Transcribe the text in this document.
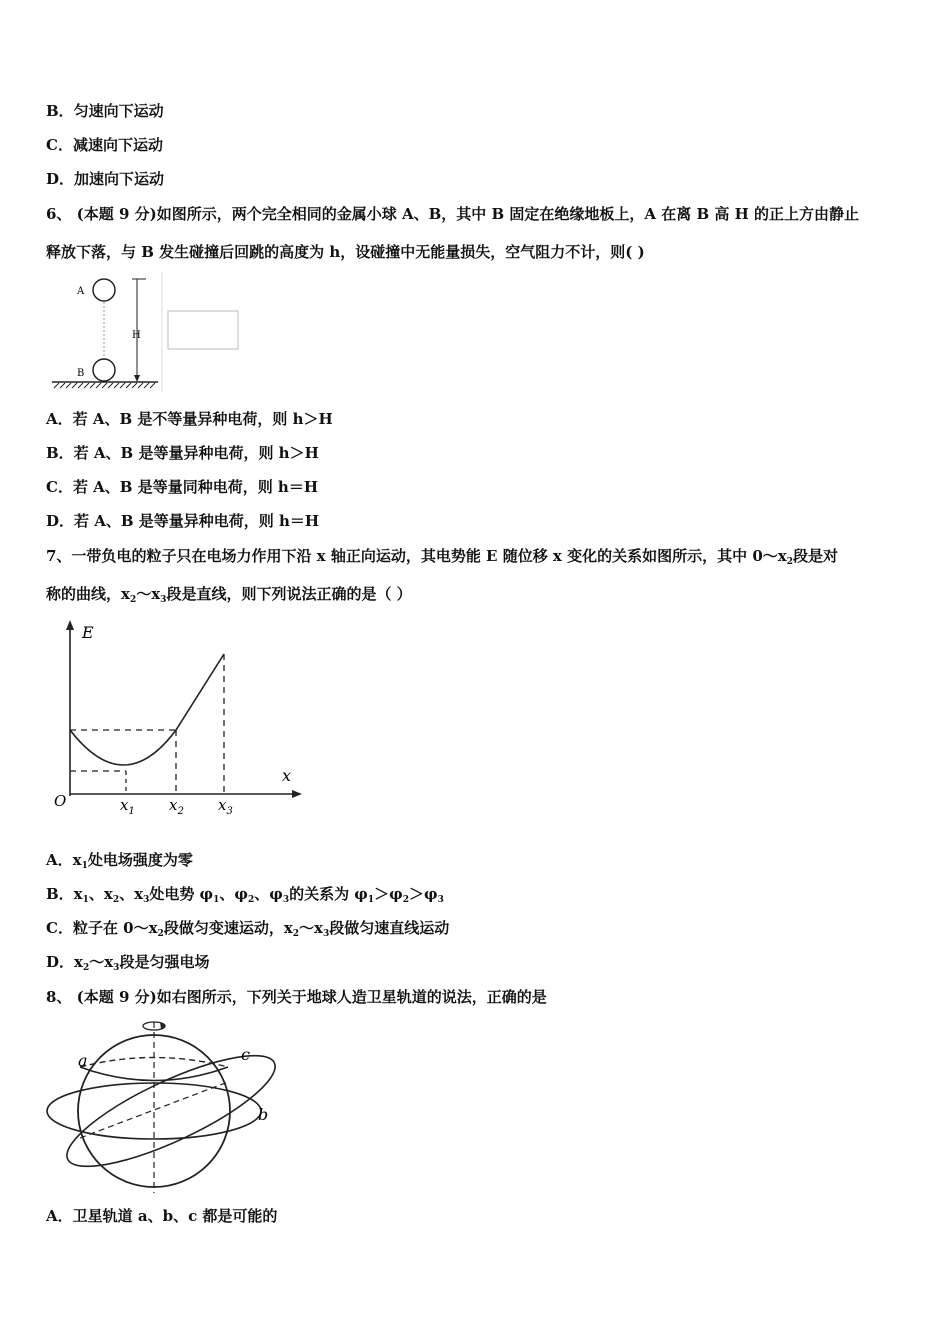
B．匀速向下运动
C．减速向下运动
D．加速向下运动
6、 (本题 9 分)如图所示，两个完全相同的金属小球 A、B，其中 B 固定在绝缘地板上，A 在离 B 高 H 的正上方由静止
释放下落，与 B 发生碰撞后回跳的高度为 h，设碰撞中无能量损失，空气阻力不计，则( )
A
B
H
A．若 A、B 是不等量异种电荷，则 h＞H
B．若 A、B 是等量异种电荷，则 h＞H
C．若 A、B 是等量同种电荷，则 h＝H
D．若 A、B 是等量异种电荷，则 h＝H
7、一带负电的粒子只在电场力作用下沿 x 轴正向运动，其电势能 E 随位移 x 变化的关系如图所示，其中 $0\sim x_2$段是对
称的曲线，$x_2\sim x_3$段是直线，则下列说法正确的是（ ）
E
x
O	$x_1$ $x_2$ $x_3$
A．$x_1$处电场强度为零
B．$x_1$、$x_2$、$x_3$处电势 $\varphi_1$、$\varphi_2$、$\varphi_3$的关系为 $\varphi_1>\varphi_2>\varphi_3$
C．粒子在 $0\sim x_2$段做匀变速运动，$x_2\sim x_3$段做匀速直线运动
D．$x_2\sim x_3$段是匀强电场
8、 (本题 9 分)如右图所示，下列关于地球人造卫星轨道的说法，正确的是
a
b
c
A．卫星轨道 a、b、c 都是可能的
